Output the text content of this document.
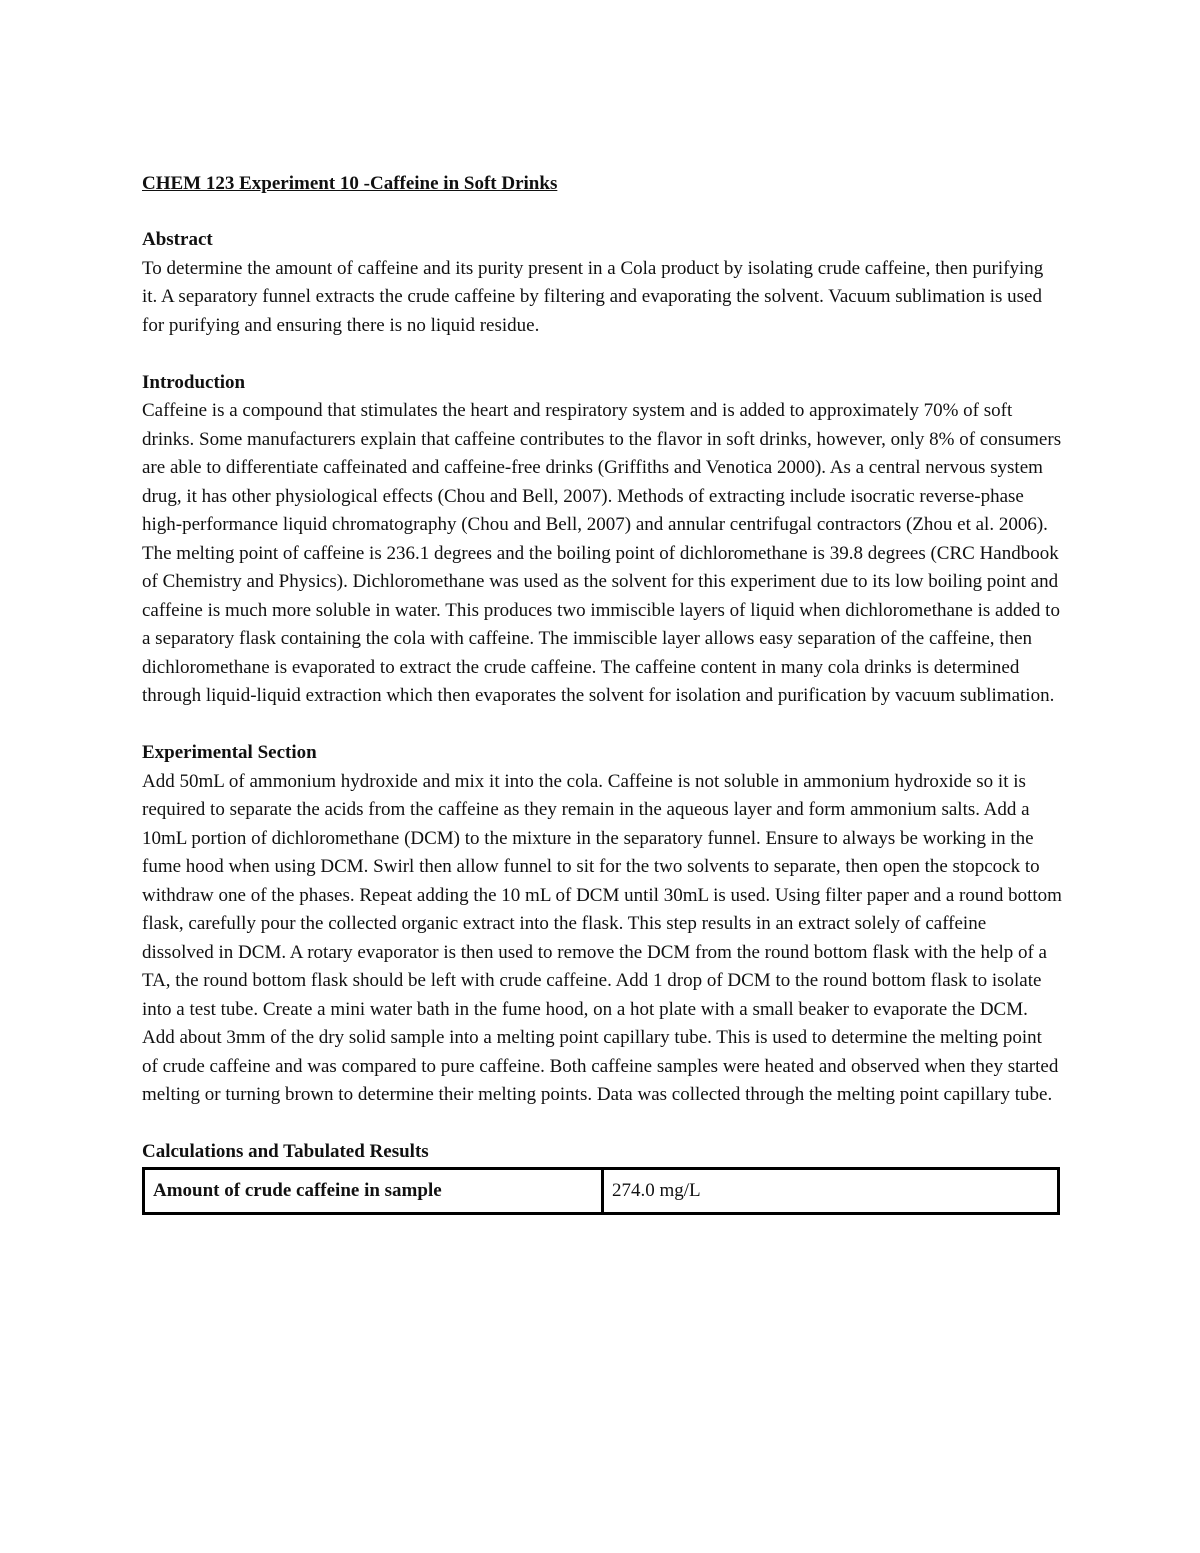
CHEM 123 Experiment 10 -Caffeine in Soft Drinks
Abstract

To determine the amount of caffeine and its purity present in a Cola product by isolating crude caffeine, then purifying it. A separatory funnel extracts the crude caffeine by filtering and evaporating the solvent. Vacuum sublimation is used for purifying and ensuring there is no liquid residue.

Introduction

Caffeine is a compound that stimulates the heart and respiratory system and is added to approximately 70% of soft drinks. Some manufacturers explain that caffeine contributes to the flavor in soft drinks, however, only 8% of consumers are able to differentiate caffeinated and caffeine-free drinks (Griffiths and Venotica 2000). As a central nervous system drug, it has other physiological effects (Chou and Bell, 2007). Methods of extracting include isocratic reverse-phase high-performance liquid chromatography (Chou and Bell, 2007) and annular centrifugal contractors (Zhou et al. 2006). The melting point of caffeine is 236.1 degrees and the boiling point of dichloromethane is 39.8 degrees (CRC Handbook of Chemistry and Physics). Dichloromethane was used as the solvent for this experiment due to its low boiling point and caffeine is much more soluble in water. This produces two immiscible layers of liquid when dichloromethane is added to a separatory flask containing the cola with caffeine. The immiscible layer allows easy separation of the caffeine, then dichloromethane is evaporated to extract the crude caffeine. The caffeine content in many cola drinks is determined through liquid-liquid extraction which then evaporates the solvent for isolation and purification by vacuum sublimation.

Experimental Section

Add 50mL of ammonium hydroxide and mix it into the cola. Caffeine is not soluble in ammonium hydroxide so it is required to separate the acids from the caffeine as they remain in the aqueous layer and form ammonium salts. Add a 10mL portion of dichloromethane (DCM) to the mixture in the separatory funnel. Ensure to always be working in the fume hood when using DCM. Swirl then allow funnel to sit for the two solvents to separate, then open the stopcock to withdraw one of the phases. Repeat adding the 10 mL of DCM until 30mL is used. Using filter paper and a round bottom flask, carefully pour the collected organic extract into the flask. This step results in an extract solely of caffeine dissolved in DCM. A rotary evaporator is then used to remove the DCM from the round bottom flask with the help of a TA, the round bottom flask should be left with crude caffeine. Add 1 drop of DCM to the round bottom flask to isolate into a test tube. Create a mini water bath in the fume hood, on a hot plate with a small beaker to evaporate the DCM. Add about 3mm of the dry solid sample into a melting point capillary tube. This is used to determine the melting point of crude caffeine and was compared to pure caffeine. Both caffeine samples were heated and observed when they started melting or turning brown to determine their melting points. Data was collected through the melting point capillary tube.

Calculations and Tabulated Results
Amount of crude caffeine in sample	274.0 mg/L
